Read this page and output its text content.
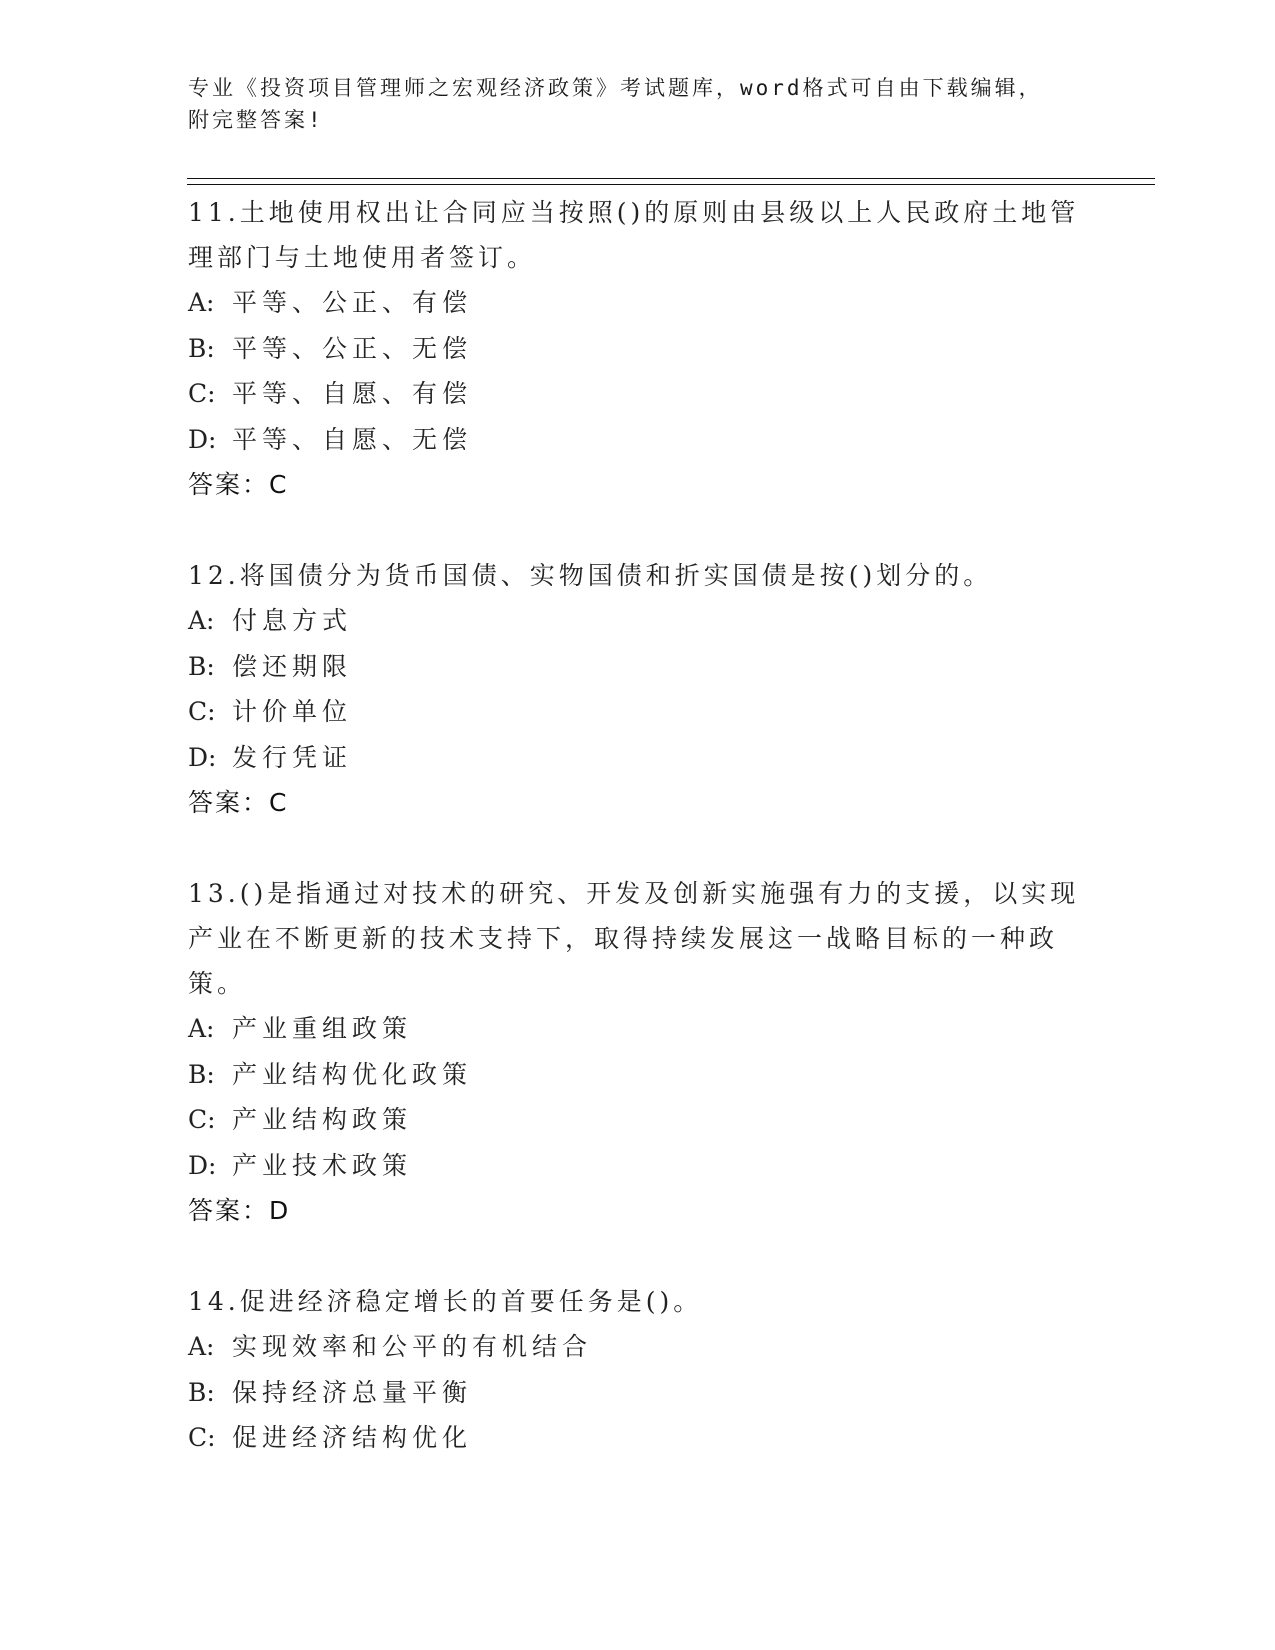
专业《投资项目管理师之宏观经济政策》考试题库，word格式可自由下载编辑，
附完整答案!
11.土地使用权出让合同应当按照()的原则由县级以上人民政府土地管
理部门与土地使用者签订。
A: 平等、公正、有偿
B: 平等、公正、无偿
C: 平等、自愿、有偿
D: 平等、自愿、无偿
答案：C
12.将国债分为货币国债、实物国债和折实国债是按()划分的。
A: 付息方式
B: 偿还期限
C: 计价单位
D: 发行凭证
答案：C
13.()是指通过对技术的研究、开发及创新实施强有力的支援，以实现
产业在不断更新的技术支持下，取得持续发展这一战略目标的一种政
策。
A: 产业重组政策
B: 产业结构优化政策
C: 产业结构政策
D: 产业技术政策
答案：D
14.促进经济稳定增长的首要任务是()。
A: 实现效率和公平的有机结合
B: 保持经济总量平衡
C: 促进经济结构优化
